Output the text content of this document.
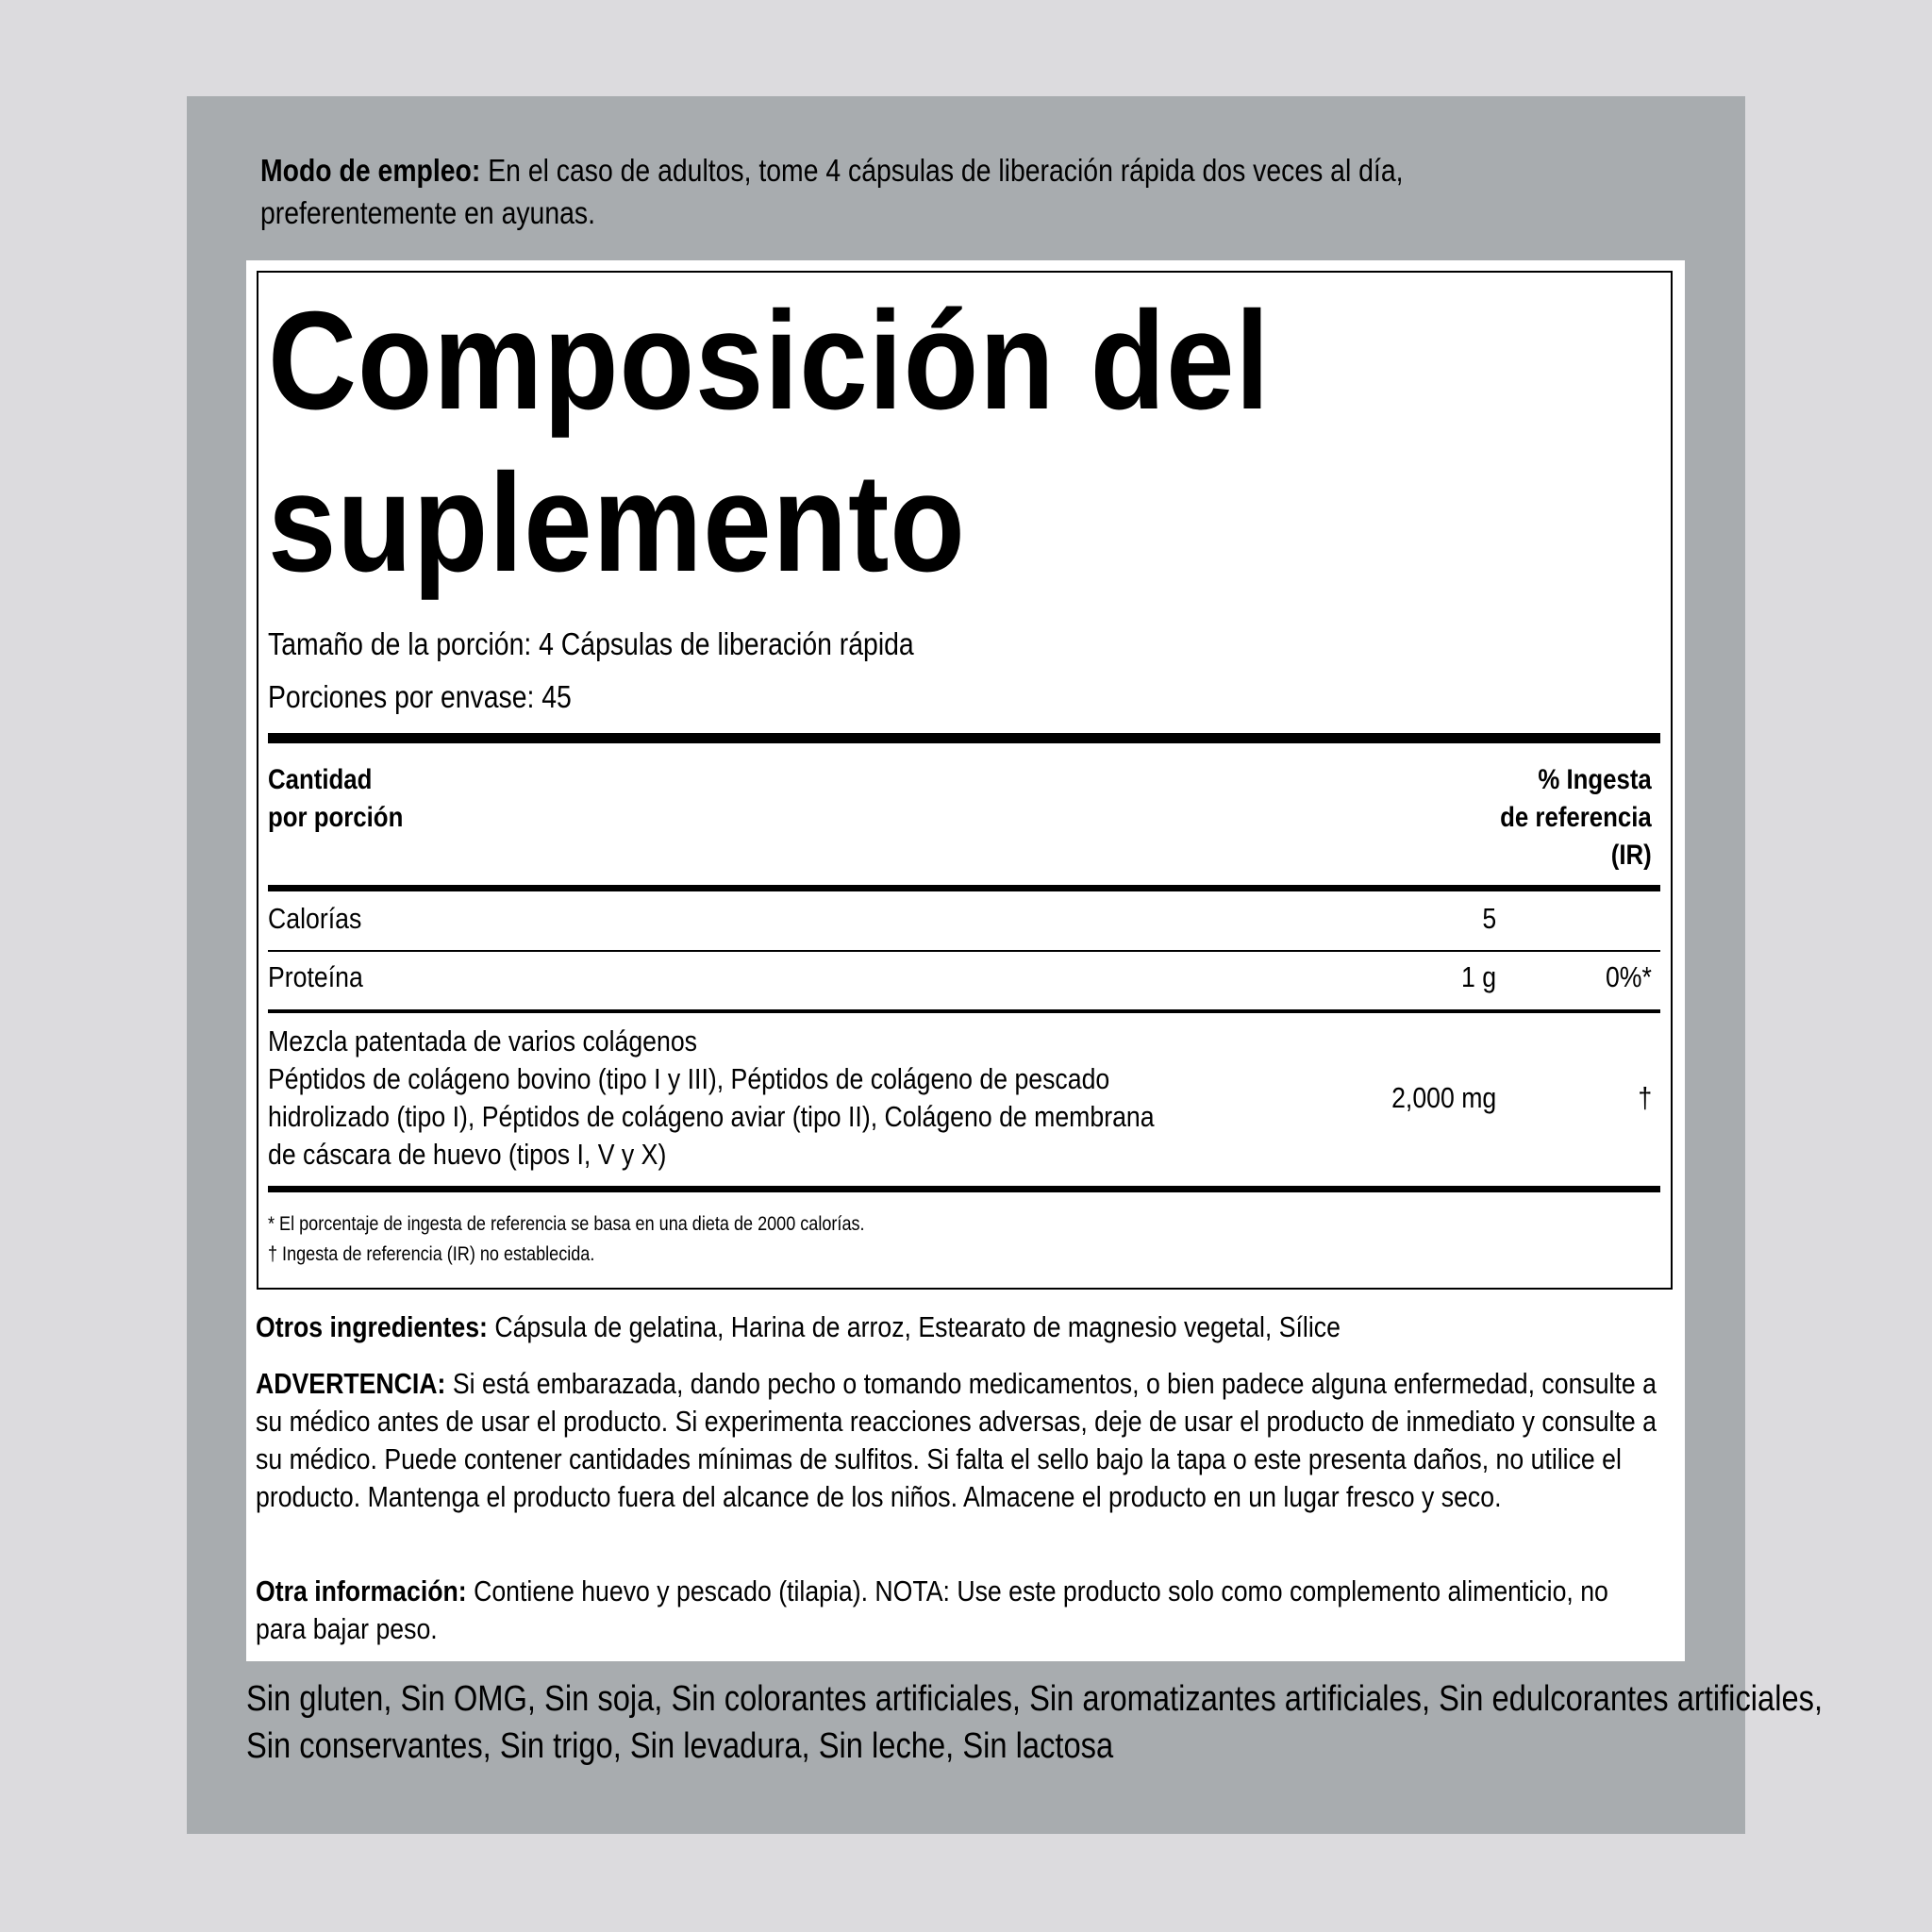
Modo de empleo: En el caso de adultos, tome 4 cápsulas de liberación rápida dos veces al día, preferentemente en ayunas.
Composición del
suplemento
Tamaño de la porción: 4 Cápsulas de liberación rápida
Porciones por envase: 45
Cantidad
por porción
% Ingesta
de referencia
(IR)
Calorías	5
Proteína	1 g	0%*
Mezcla patentada de varios colágenos
Péptidos de colágeno bovino (tipo I y III), Péptidos de colágeno de pescado
hidrolizado (tipo I), Péptidos de colágeno aviar (tipo II), Colágeno de membrana
de cáscara de huevo (tipos I, V y X)
2,000 mg	†
* El porcentaje de ingesta de referencia se basa en una dieta de 2000 calorías.
† Ingesta de referencia (IR) no establecida.
Otros ingredientes: Cápsula de gelatina, Harina de arroz, Estearato de magnesio vegetal, Sílice
ADVERTENCIA: Si está embarazada, dando pecho o tomando medicamentos, o bien padece alguna enfermedad, consulte a su médico antes de usar el producto. Si experimenta reacciones adversas, deje de usar el producto de inmediato y consulte a su médico. Puede contener cantidades mínimas de sulfitos. Si falta el sello bajo la tapa o este presenta daños, no utilice el producto. Mantenga el producto fuera del alcance de los niños. Almacene el producto en un lugar fresco y seco.
Otra información: Contiene huevo y pescado (tilapia). NOTA: Use este producto solo como complemento alimenticio, no para bajar peso.
Sin gluten, Sin OMG, Sin soja, Sin colorantes artificiales, Sin aromatizantes artificiales, Sin edulcorantes artificiales, Sin conservantes, Sin trigo, Sin levadura, Sin leche, Sin lactosa
